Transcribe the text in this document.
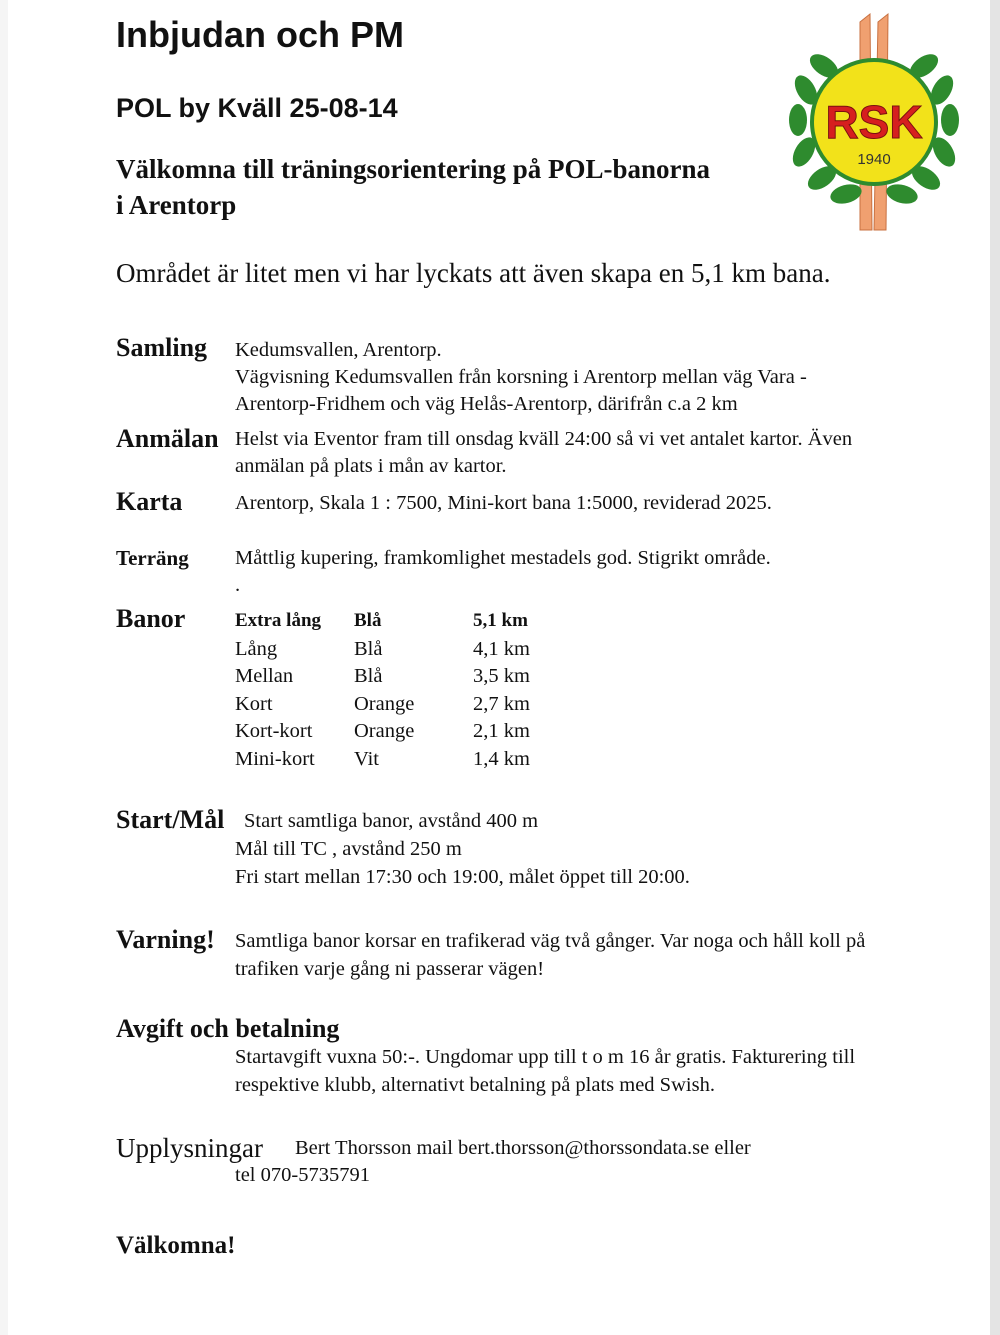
Inbjudan och PM
POL by Kväll 25-08-14
Välkomna till träningsorientering på POL-banorna
i Arentorp
Området är litet men vi har lyckats att även skapa en 5,1 km bana.
RSK
1940
Samling Kedumsvallen, Arentorp.
Vägvisning Kedumsvallen från korsning i Arentorp mellan väg Vara -
Arentorp-Fridhem och väg Helås-Arentorp, därifrån c.a 2 km
Anmälan Helst via Eventor fram till onsdag kväll 24:00 så vi vet antalet kartor. Även
anmälan på plats i mån av kartor.
Karta	Arentorp, Skala 1 : 7500, Mini-kort bana 1:5000, reviderad 2025.
Terräng Måttlig kupering, framkomlighet mestadels god. Stigrikt område.
.
Banor	Extra lång	Blå	5,1 km
Lång	Blå	4,1 km
Mellan	Blå	3,5 km
Kort	Orange	2,7 km
Kort-kort	Orange	2,1 km
Mini-kort	Vit	1,4 km
Start/Mål Start samtliga banor, avstånd 400 m
Mål till TC , avstånd 250 m
Fri start mellan 17:30 och 19:00, målet öppet till 20:00.
Varning! Samtliga banor korsar en trafikerad väg två gånger. Var noga och håll koll på
trafiken varje gång ni passerar vägen!
Avgift och betalning
Startavgift vuxna 50:-. Ungdomar upp till t o m 16 år gratis. Fakturering till
respektive klubb, alternativt betalning på plats med Swish.
Upplysningar Bert Thorsson mail bert.thorsson@thorssondata.se eller
tel 070-5735791
Välkomna!
